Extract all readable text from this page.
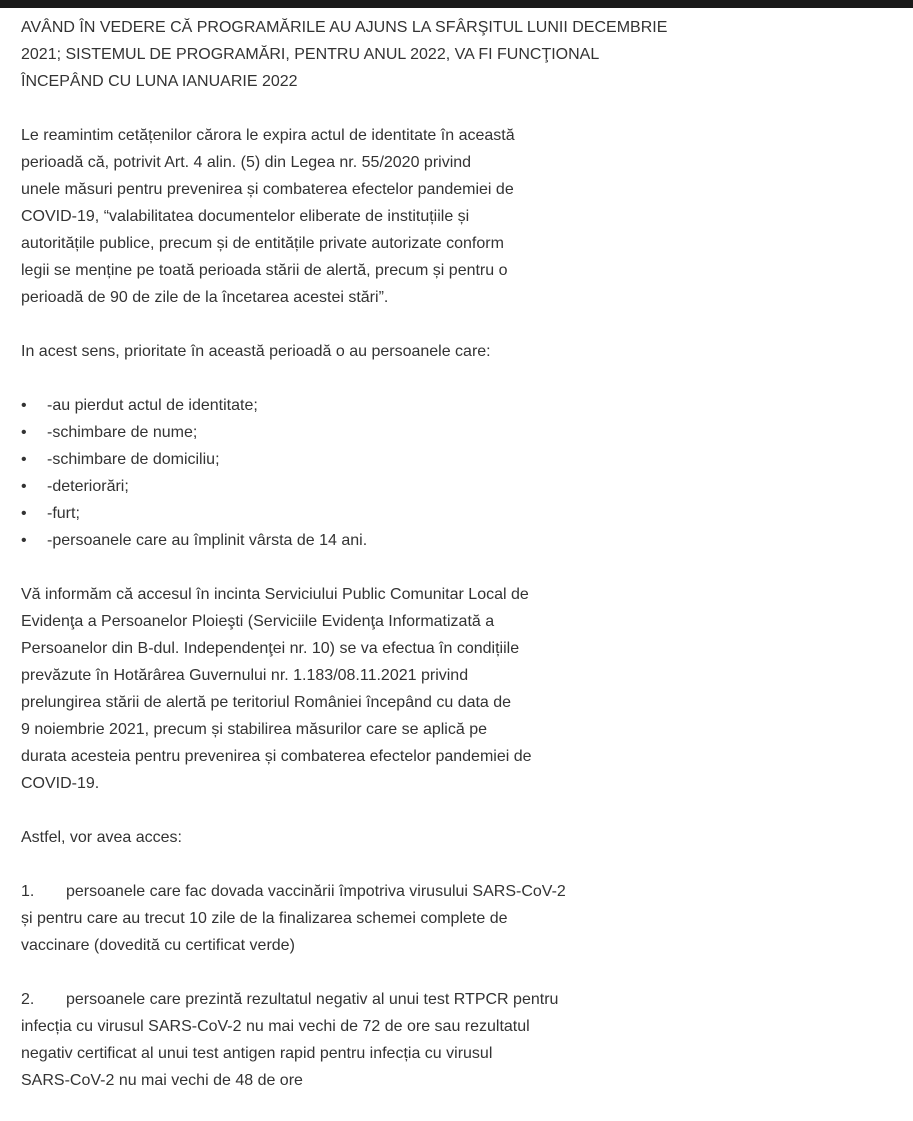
AVÂND ÎN VEDERE CĂ PROGRAMĂRILE AU AJUNS LA SFÂRŞITUL LUNII DECEMBRIE
2021; SISTEMUL DE PROGRAMĂRI, PENTRU ANUL 2022, VA FI FUNCŢIONAL
ÎNCEPÂND CU LUNA IANUARIE 2022

Le reamintim cetățenilor cărora le expira actul de identitate în această
perioadă că, potrivit Art. 4 alin. (5) din Legea nr. 55/2020 privind
unele măsuri pentru prevenirea și combaterea efectelor pandemiei de
COVID-19, “valabilitatea documentelor eliberate de instituțiile și
autoritățile publice, precum și de entitățile private autorizate conform
legii se menține pe toată perioada stării de alertă, precum și pentru o
perioadă de 90 de zile de la încetarea acestei stări”.

In acest sens, prioritate în această perioadă o au persoanele care:

• -au pierdut actul de identitate;
• -schimbare de nume;
• -schimbare de domiciliu;
• -deteriorări;
• -furt;
• -persoanele care au împlinit vârsta de 14 ani.

Vă informăm că accesul în incinta Serviciului Public Comunitar Local de
Evidenţa a Persoanelor Ploieşti (Serviciile Evidenţa Informatizată a
Persoanelor din B-dul. Independenţei nr. 10) se va efectua în condițiile
prevăzute în Hotărârea Guvernului nr. 1.183/08.11.2021 privind
prelungirea stării de alertă pe teritoriul României începând cu data de
9 noiembrie 2021, precum și stabilirea măsurilor care se aplică pe
durata acesteia pentru prevenirea și combaterea efectelor pandemiei de
COVID-19.

Astfel, vor avea acces:

1. persoanele care fac dovada vaccinării împotriva virusului SARS-CoV-2
și pentru care au trecut 10 zile de la finalizarea schemei complete de
vaccinare (dovedită cu certificat verde)
2. persoanele care prezintă rezultatul negativ al unui test RTPCR pentru
infecția cu virusul SARS-CoV-2 nu mai vechi de 72 de ore sau rezultatul
negativ certificat al unui test antigen rapid pentru infecția cu virusul
SARS-CoV-2 nu mai vechi de 48 de ore
